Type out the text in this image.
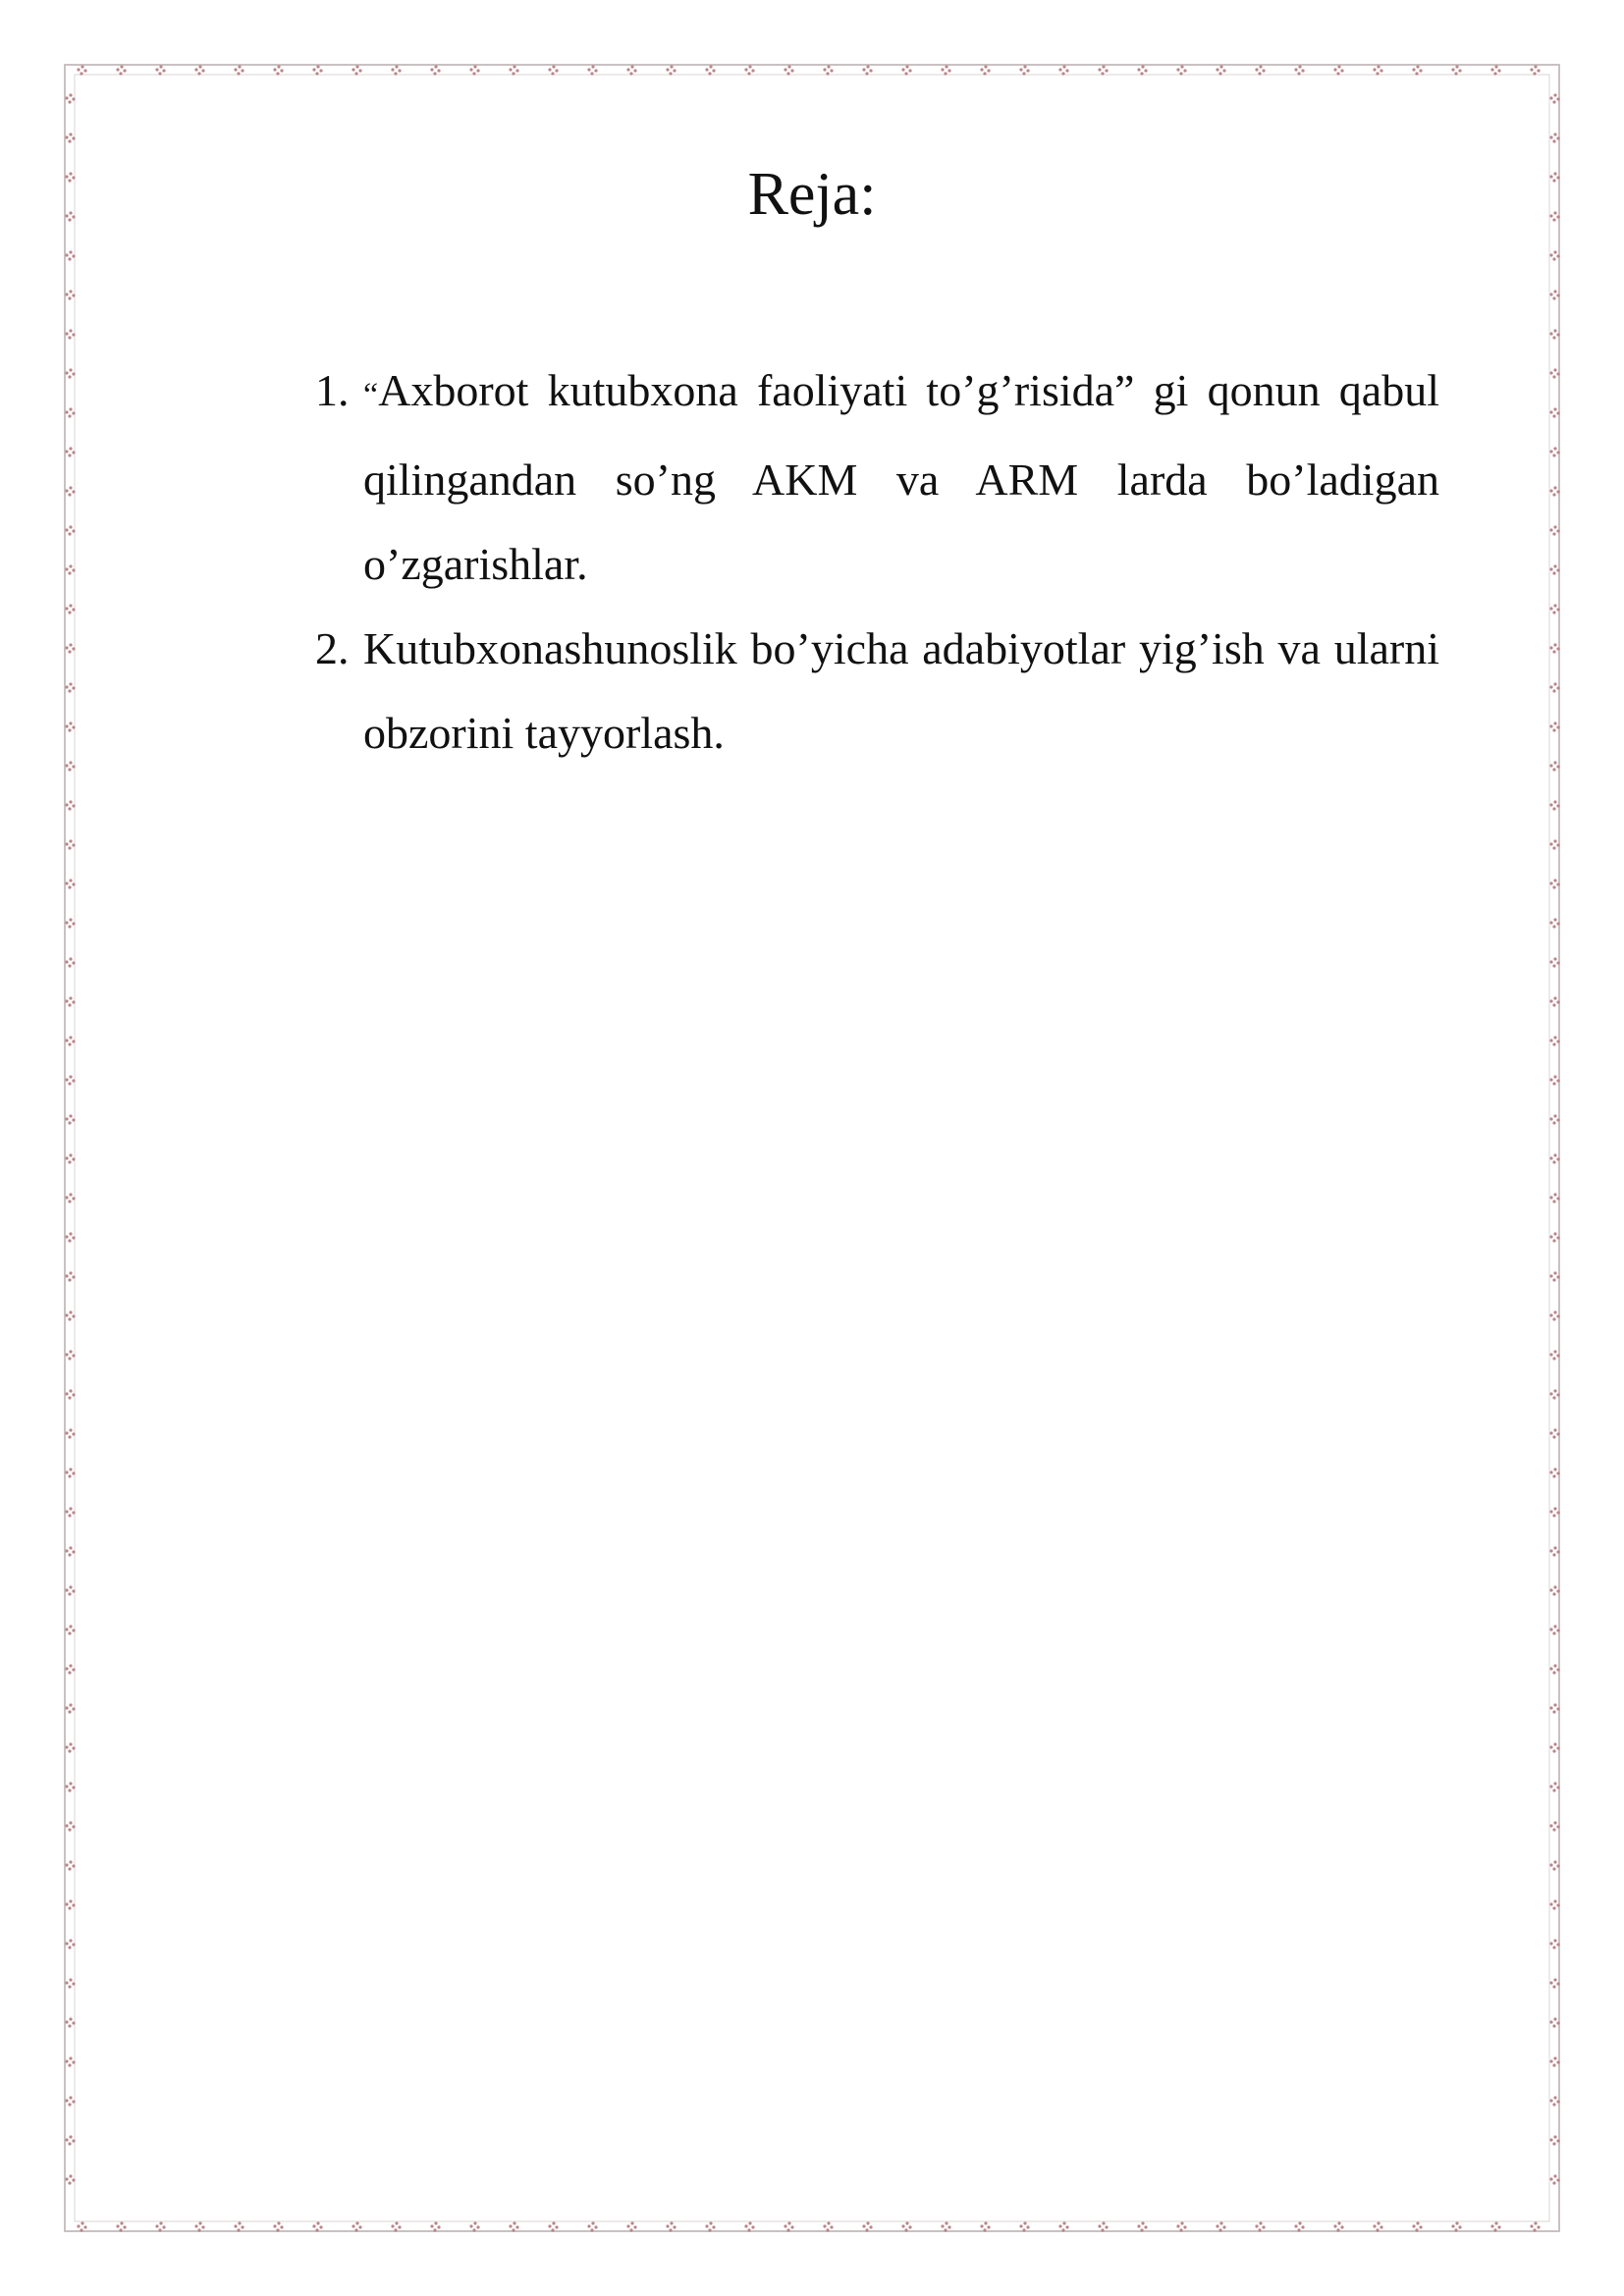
Reja:
1. “Axborot kutubxona faoliyati to’g’risida” gi qonun qabul qilingandan so’ng AKM va ARM larda bo’ladigan o’zgarishlar.
2. Kutubxonashunoslik bo’yicha adabiyotlar yig’ish va ularni obzorini tayyorlash.
